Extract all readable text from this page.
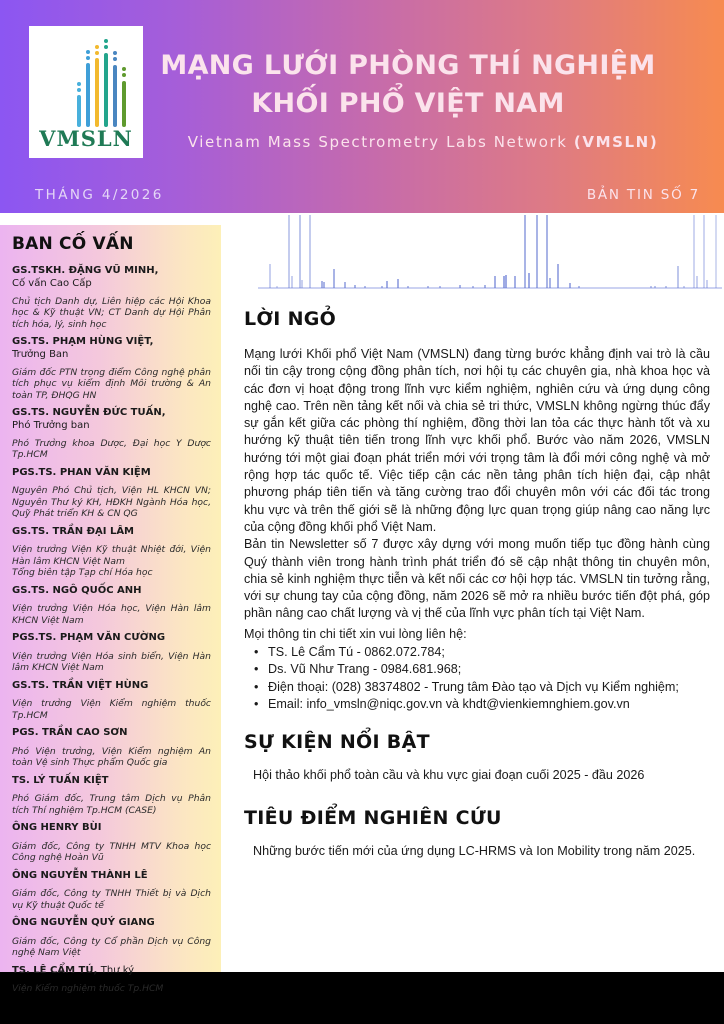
VMSLN
MẠNG LƯỚI PHÒNG THÍ NGHIỆM
KHỐI PHỔ VIỆT NAM
Vietnam Mass Spectrometry Labs Network (VMSLN)
THÁNG 4/2026	BẢN TIN SỐ 7
BAN CỐ VẤN
GS.TSKH. ĐẶNG VŨ MINH,
Cố vấn Cao Cấp
Chủ tịch Danh dự, Liên hiệp các Hội Khoa học & Kỹ thuật VN; CT Danh dự Hội Phân tích hóa, lý, sinh học
GS.TS. PHẠM HÙNG VIỆT,
Trưởng Ban
Giám đốc PTN trọng điểm Công nghệ phân tích phục vụ kiểm định Môi trường & An toàn TP, ĐHQG HN
GS.TS. NGUYỄN ĐỨC TUẤN,
Phó Trưởng ban
Phó Trưởng khoa Dược, Đại học Y Dược Tp.HCM
PGS.TS. PHAN VĂN KIỆM
Nguyên Phó Chủ tịch, Viện HL KHCN VN; Nguyên Thư ký KH, HĐKH Ngành Hóa học, Quỹ Phát triển KH & CN QG
GS.TS. TRẦN ĐẠI LÂM
Viện trưởng Viện Kỹ thuật Nhiệt đới, Viện Hàn lâm KHCN Việt Nam
Tổng biên tập Tạp chí Hóa học
GS.TS. NGÔ QUỐC ANH
Viện trưởng Viện Hóa học, Viện Hàn lâm KHCN Việt Nam
PGS.TS. PHẠM VĂN CƯỜNG
Viện trưởng Viện Hóa sinh biển, Viện Hàn lâm KHCN Việt Nam
GS.TS. TRẦN VIỆT HÙNG
Viện trưởng Viện Kiểm nghiệm thuốc Tp.HCM
PGS. TRẦN CAO SƠN
Phó Viện trưởng, Viện Kiểm nghiệm An toàn Vệ sinh Thực phẩm Quốc gia
TS. LÝ TUẤN KIỆT
Phó Giám đốc, Trung tâm Dịch vụ Phân tích Thí nghiệm Tp.HCM (CASE)
ÔNG HENRY BÙI
Giám đốc, Công ty TNHH MTV Khoa học Công nghệ Hoàn Vũ
ÔNG NGUYỄN THÀNH LÊ
Giám đốc, Công ty TNHH Thiết bị và Dịch vụ Kỹ thuật Quốc tế
ÔNG NGUYỄN QUÝ GIANG
Giám đốc, Công ty Cổ phần Dịch vụ Công nghệ Nam Việt
TS. LÊ CẨM TÚ, Thư ký
Viện Kiểm nghiệm thuốc Tp.HCM
LỜI NGỎ

Mạng lưới Khối phổ Việt Nam (VMSLN) đang từng bước khẳng định vai trò là cầu nối tin cậy trong cộng đồng phân tích, nơi hội tụ các chuyên gia, nhà khoa học và các đơn vị hoạt động trong lĩnh vực kiểm nghiệm, nghiên cứu và ứng dụng công nghệ cao. Trên nền tảng kết nối và chia sẻ tri thức, VMSLN không ngừng thúc đẩy sự gắn kết giữa các phòng thí nghiệm, đồng thời lan tỏa các thực hành tốt và xu hướng kỹ thuật tiên tiến trong lĩnh vực khối phổ. Bước vào năm 2026, VMSLN hướng tới một giai đoạn phát triển mới với trọng tâm là đổi mới công nghệ và mở rộng hợp tác quốc tế. Việc tiếp cận các nền tảng phân tích hiện đại, cập nhật phương pháp tiên tiến và tăng cường trao đổi chuyên môn với các đối tác trong khu vực và trên thế giới sẽ là những động lực quan trọng giúp nâng cao năng lực của cộng đồng khối phổ Việt Nam.

Bản tin Newsletter số 7 được xây dựng với mong muốn tiếp tục đồng hành cùng Quý thành viên trong hành trình phát triển đó sẽ cập nhật thông tin chuyên môn, chia sẻ kinh nghiệm thực tiễn và kết nối các cơ hội hợp tác. VMSLN tin tưởng rằng, với sự chung tay của cộng đồng, năm 2026 sẽ mở ra nhiều bước tiến đột phá, góp phần nâng cao chất lượng và vị thế của lĩnh vực phân tích tại Việt Nam.

Mọi thông tin chi tiết xin vui lòng liên hệ:

• TS. Lê Cẩm Tú - 0862.072.784;
• Ds. Vũ Như Trang - 0984.681.968;
• Điện thoại: (028) 38374802 - Trung tâm Đào tạo và Dịch vụ Kiểm nghiệm;
• Email: info_vmsln@niqc.gov.vn và khdt@vienkiemnghiem.gov.vn
SỰ KIỆN NỔI BẬT

Hội thảo khối phổ toàn cầu và khu vực giai đoạn cuối 2025 - đầu 2026

TIÊU ĐIỂM NGHIÊN CỨU

Những bước tiến mới của ứng dụng LC-HRMS và Ion Mobility trong năm 2025.
